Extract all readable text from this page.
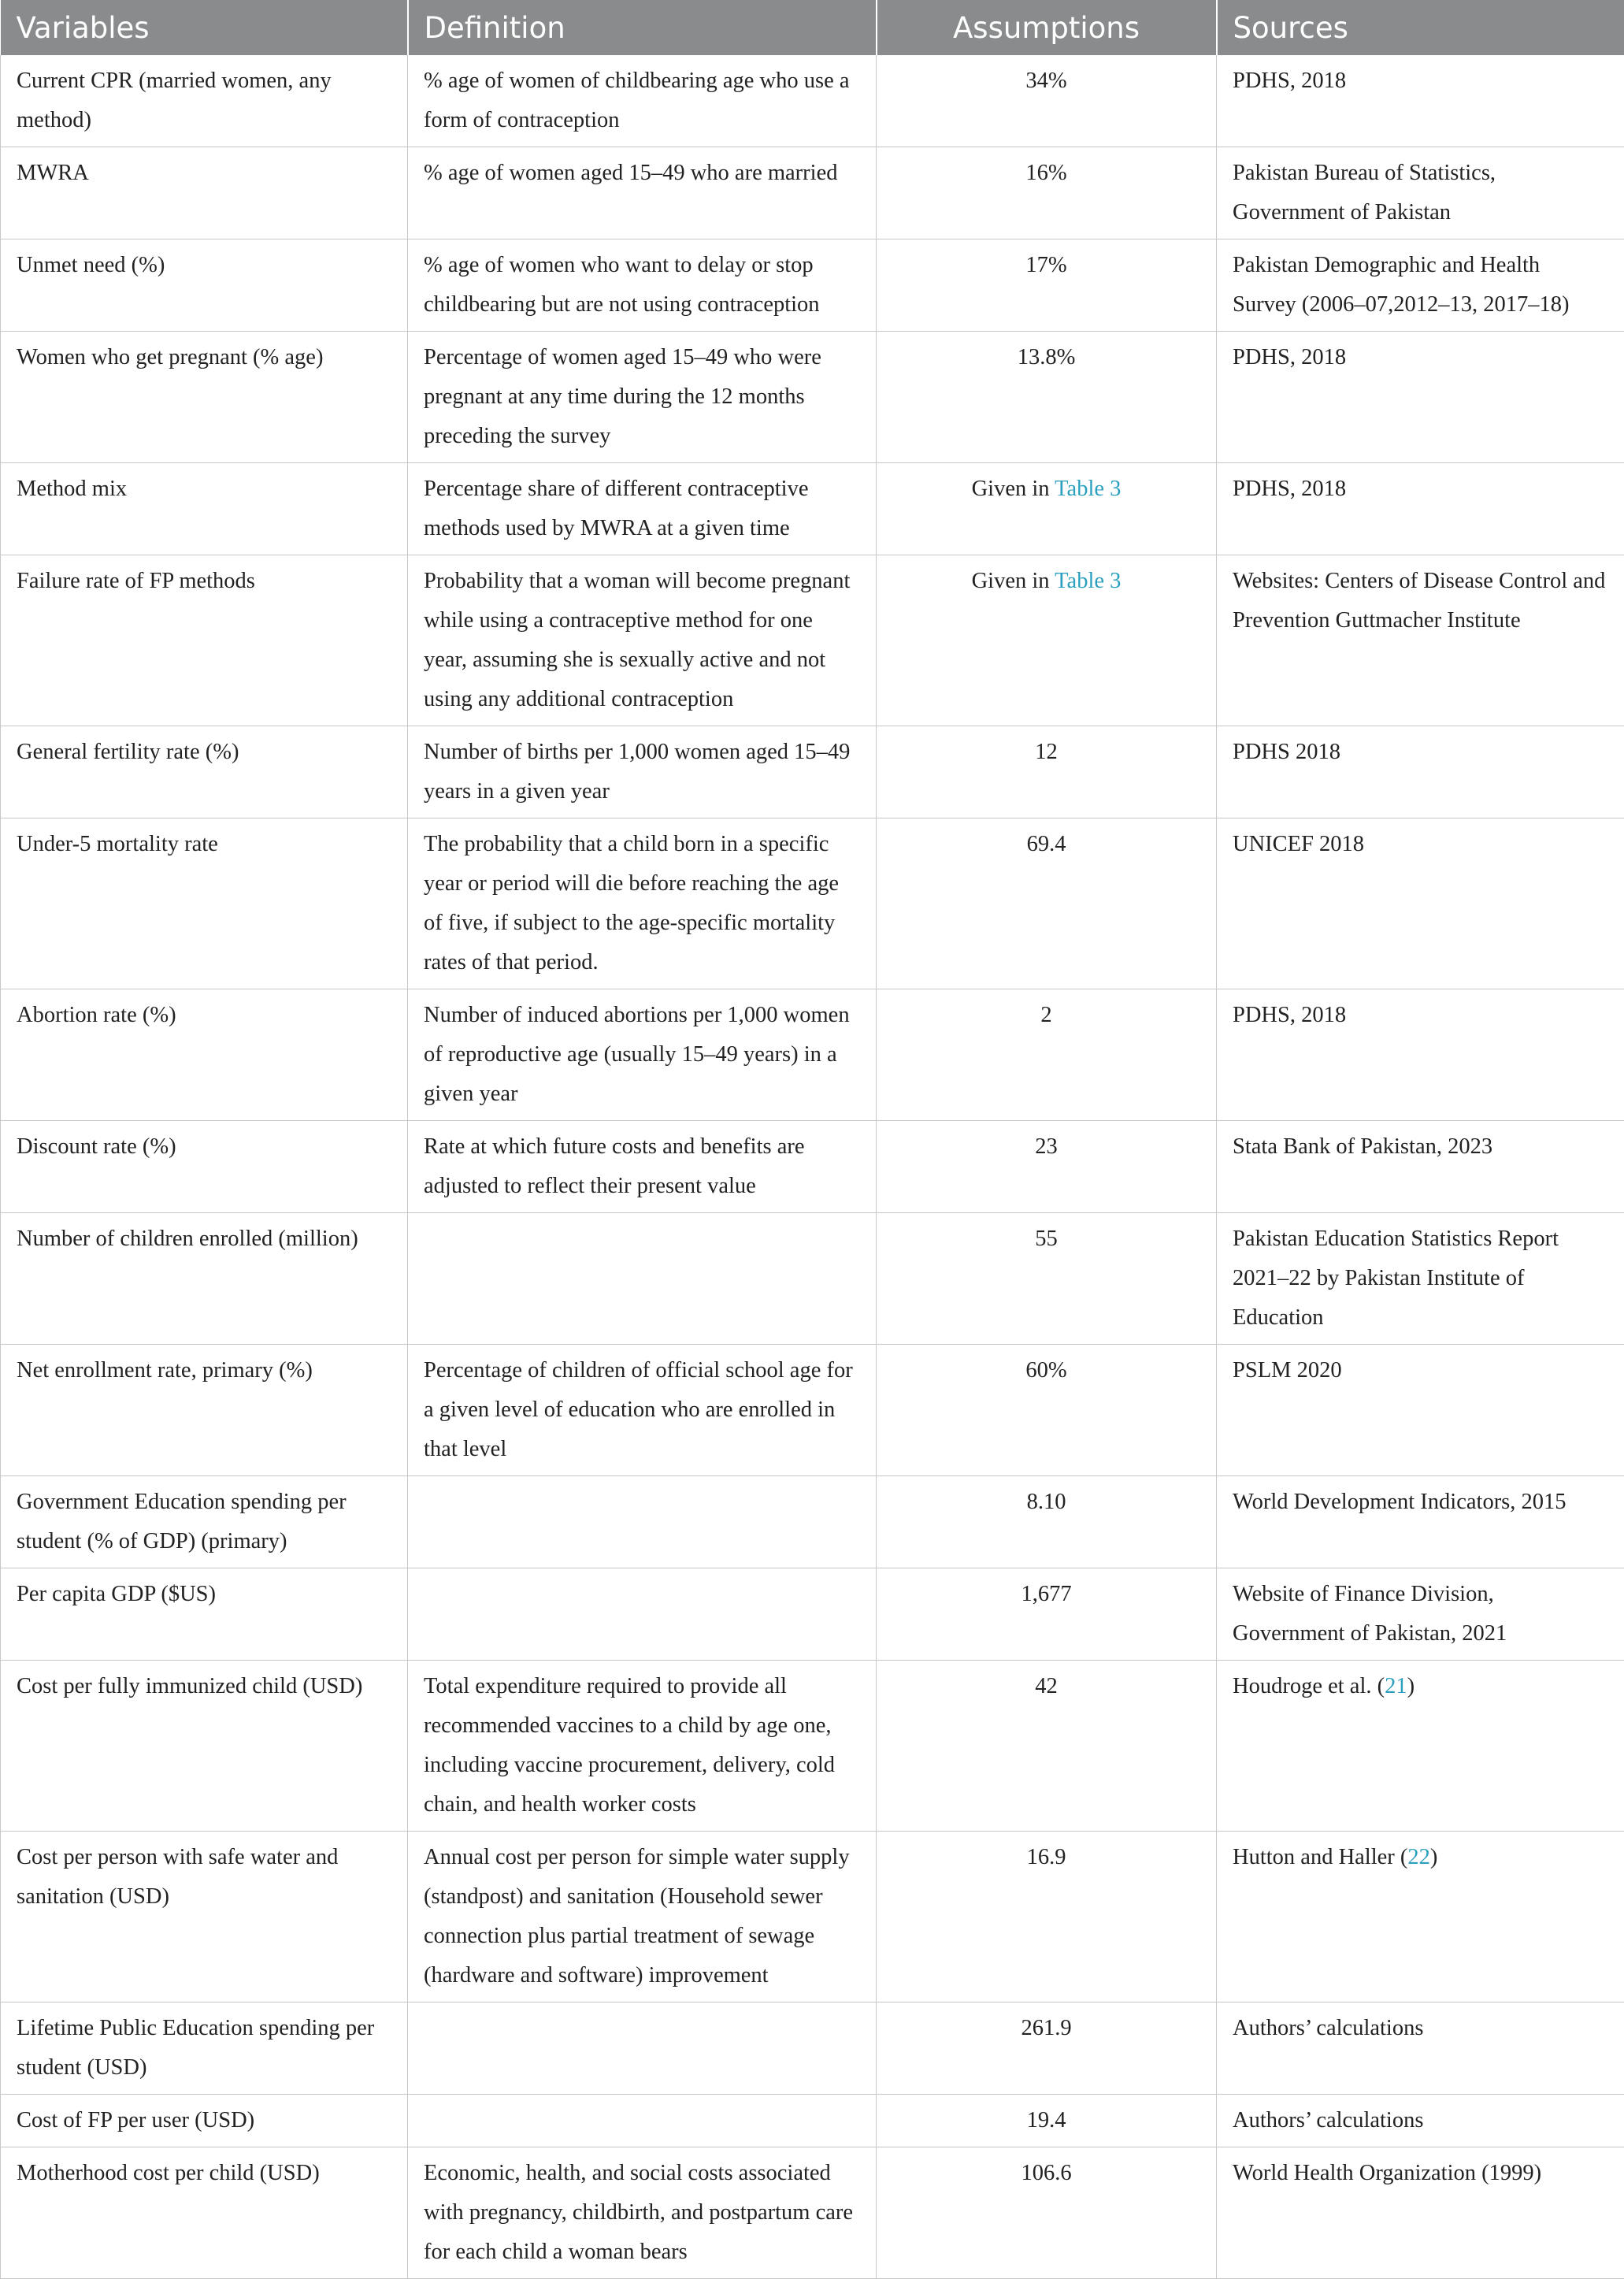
Variables	Definition	Assumptions	Sources
Current CPR (married women, any method)	% age of women of childbearing age who use a form of contraception	34%	PDHS, 2018
MWRA	% age of women aged 15–49 who are married	16%	Pakistan Bureau of Statistics, Government of Pakistan
Unmet need (%)	% age of women who want to delay or stop childbearing but are not using contraception	17%	Pakistan Demographic and Health Survey (2006–07,2012–13, 2017–18)
Women who get pregnant (% age)	Percentage of women aged 15–49 who were pregnant at any time during the 12 months preceding the survey	13.8%	PDHS, 2018
Method mix	Percentage share of different contraceptive methods used by MWRA at a given time	Given in Table 3	PDHS, 2018
Failure rate of FP methods	Probability that a woman will become pregnant while using a contraceptive method for one year, assuming she is sexually active and not using any additional contraception	Given in Table 3	Websites: Centers of Disease Control and Prevention Guttmacher Institute
General fertility rate (%)	Number of births per 1,000 women aged 15–49 years in a given year	12	PDHS 2018
Under-5 mortality rate	The probability that a child born in a specific year or period will die before reaching the age of five, if subject to the age-specific mortality rates of that period.	69.4	UNICEF 2018
Abortion rate (%)	Number of induced abortions per 1,000 women of reproductive age (usually 15–49 years) in a given year	2	PDHS, 2018
Discount rate (%)	Rate at which future costs and benefits are adjusted to reflect their present value	23	Stata Bank of Pakistan, 2023
Number of children enrolled (million)		55	Pakistan Education Statistics Report 2021–22 by Pakistan Institute of Education
Net enrollment rate, primary (%)	Percentage of children of official school age for a given level of education who are enrolled in that level	60%	PSLM 2020
Government Education spending per student (% of GDP) (primary)		8.10	World Development Indicators, 2015
Per capita GDP ($US)		1,677	Website of Finance Division, Government of Pakistan, 2021
Cost per fully immunized child (USD)	Total expenditure required to provide all recommended vaccines to a child by age one, including vaccine procurement, delivery, cold chain, and health worker costs	42	Houdroge et al. (21)
Cost per person with safe water and sanitation (USD)	Annual cost per person for simple water supply (standpost) and sanitation (Household sewer connection plus partial treatment of sewage (hardware and software) improvement	16.9	Hutton and Haller (22)
Lifetime Public Education spending per student (USD)		261.9	Authors’ calculations
Cost of FP per user (USD)		19.4	Authors’ calculations
Motherhood cost per child (USD)	Economic, health, and social costs associated with pregnancy, childbirth, and postpartum care for each child a woman bears	106.6	World Health Organization (1999)
